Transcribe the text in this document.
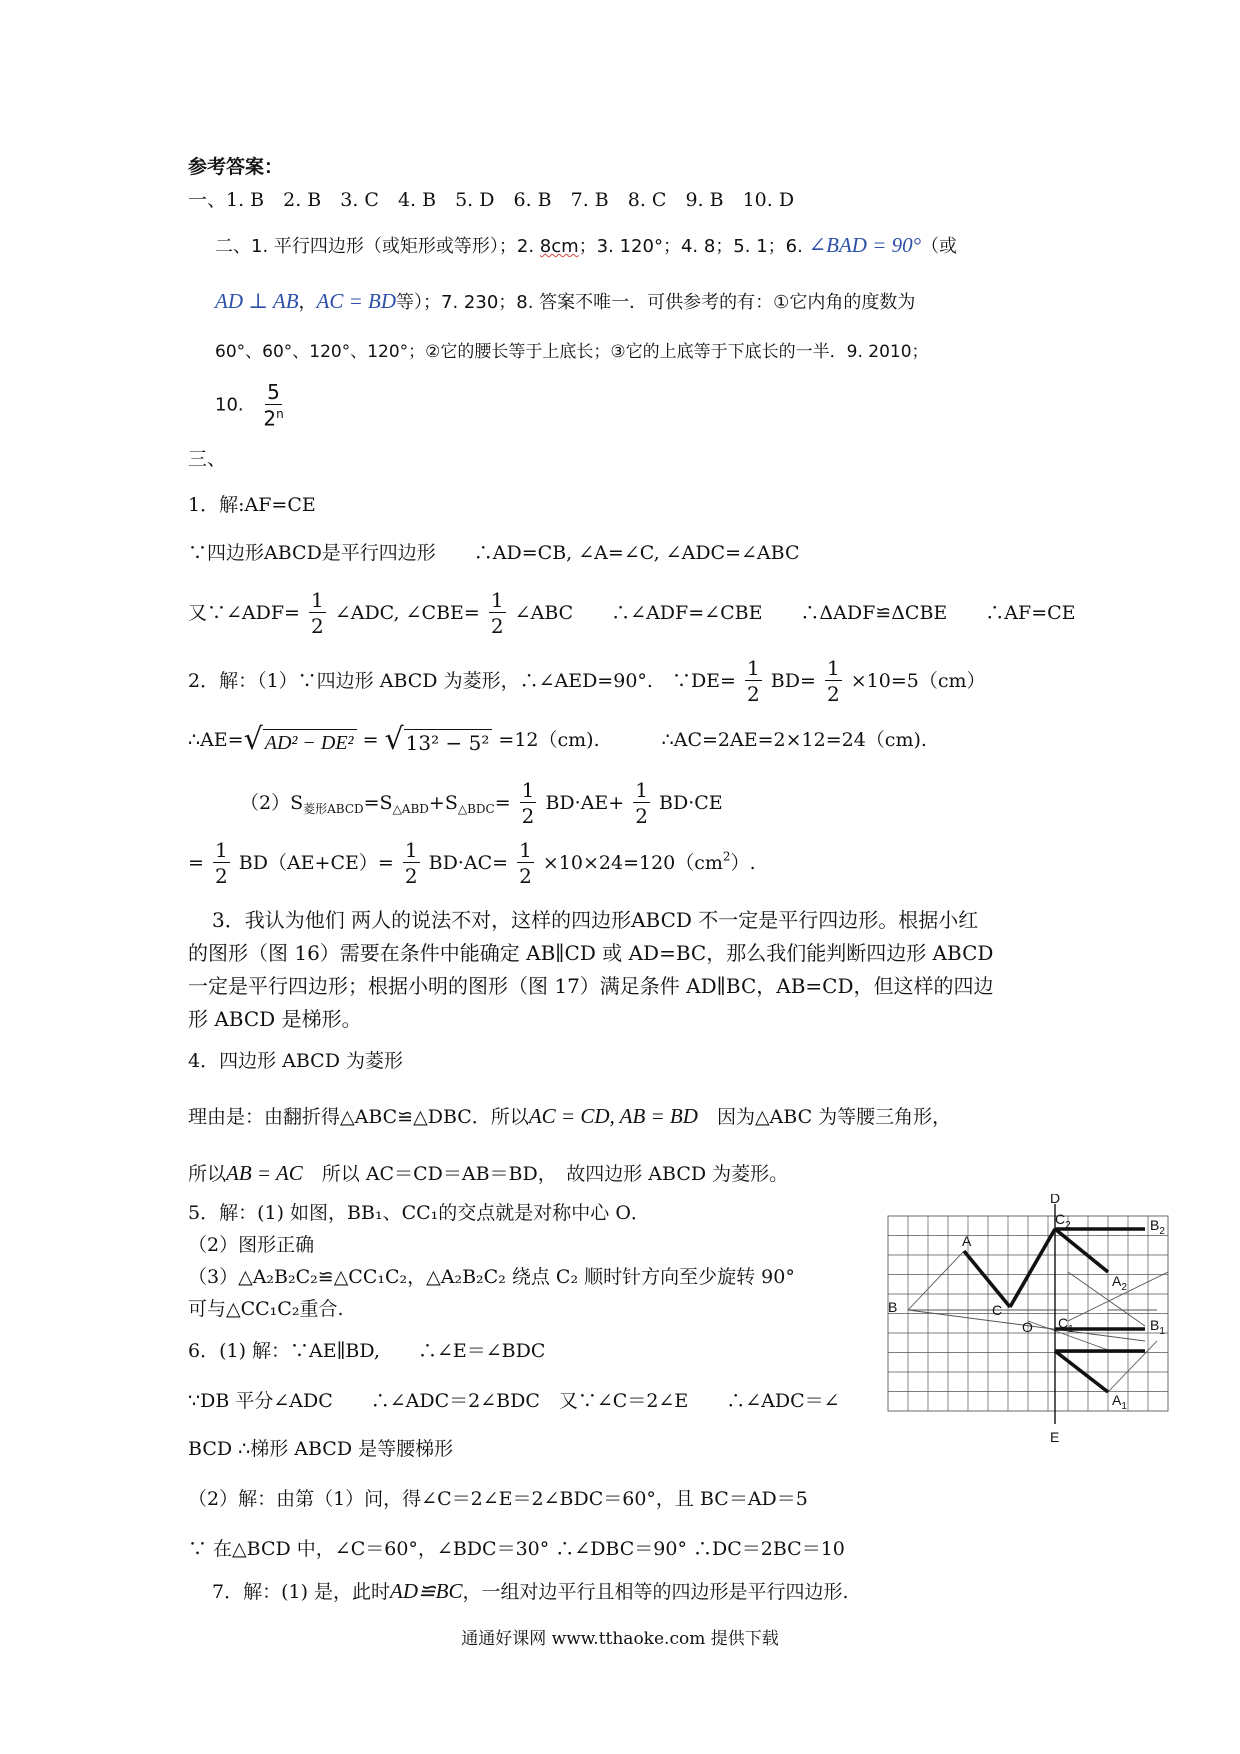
参考答案：
一、1. B　2. B　3. C　4. B　5. D　6. B　7. B　8. C　9. B　10. D
二、1. 平行四边形（或矩形或等形）；2. 8cm；3. 120°；4. 8；5. 1；6. ∠BAD = 90°（或
AD ⊥ AB，AC = BD等）；7. 230；8. 答案不唯一．可供参考的有：①它内角的度数为
60°、60°、120°、120°；②它的腰长等于上底长；③它的上底等于下底长的一半．9. 2010；
10. $\frac{5}{2^n}$
三、
1．解:AF=CE
∵四边形ABCD是平行四边形　　∴AD=CB, ∠A=∠C, ∠ADC=∠ABC
又∵∠ADF= $\frac{1}{2}$ ∠ADC, ∠CBE= $\frac{1}{2}$ ∠ABC　　∴∠ADF=∠CBE　　∴ΔADF≌ΔCBE　　∴AF=CE
2．解：（1）∵四边形 ABCD 为菱形，∴∠AED=90°.　∵DE= $\frac{1}{2} BD= \frac{1}{2} \times 10=5(cm)$
∴AE= √ AD² − DE² = √ 13² − 5² =12（cm).	∴AC=2AE=2×12=24（cm).
$(2)S_{菱形ABCD}=S_{\triangle ABD}+S_{\triangle BDC}= \frac{1}{2} BD\cdot AE+ \frac{1}{2} BD\cdot CE$
= $\frac{1}{2} BD(AE+CE)= \frac{1}{2} BD\cdot AC= \frac{1}{2} \times 10\times 24=120(cm^2)$.
3．我认为他们 两人的说法不对，这样的四边形ABCD 不一定是平行四边形。根据小红
的图形（图 16）需要在条件中能确定 AB∥CD 或 AD=BC，那么我们能判断四边形 ABCD
一定是平行四边形；根据小明的图形（图 17）满足条件 AD∥BC，AB=CD，但这样的四边
形 ABCD 是梯形。
4．四边形 ABCD 为菱形
理由是：由翻折得△ABC≌△DBC．所以AC = CD, AB = BD　因为△ABC 为等腰三角形，
所以AB = AC　所以 AC＝CD＝AB＝BD，　故四边形 ABCD 为菱形。
5．解：(1) 如图，BB₁、CC₁的交点就是对称中心 O．
（2）图形正确
（3）△A₂B₂C₂≌△CC₁C₂，△A₂B₂C₂ 绕点 C₂ 顺时针方向至少旋转 90°
可与△CC₁C₂重合.
6．(1) 解：∵AE∥BD,　　∴∠E＝∠BDC
∵DB 平分∠ADC　　∴∠ADC＝2∠BDC　又∵∠C＝2∠E　　∴∠ADC＝∠
BCD ∴梯形 ABCD 是等腰梯形
（2）解：由第（1）问，得∠C＝2∠E＝2∠BDC＝60°，且 BC＝AD＝5
∵ 在△BCD 中，∠C＝60°，∠BDC＝30° ∴∠DBC＝90° ∴DC＝2BC＝10
7．解：(1) 是，此时AD≌BC，一组对边平行且相等的四边形是平行四边形.
D
E
A
B	C
O
$C_2$	$B_2$
$A_2$
$C_1$	$B_1$
$A_1$
通通好课网 www.tthaoke.com 提供下载
